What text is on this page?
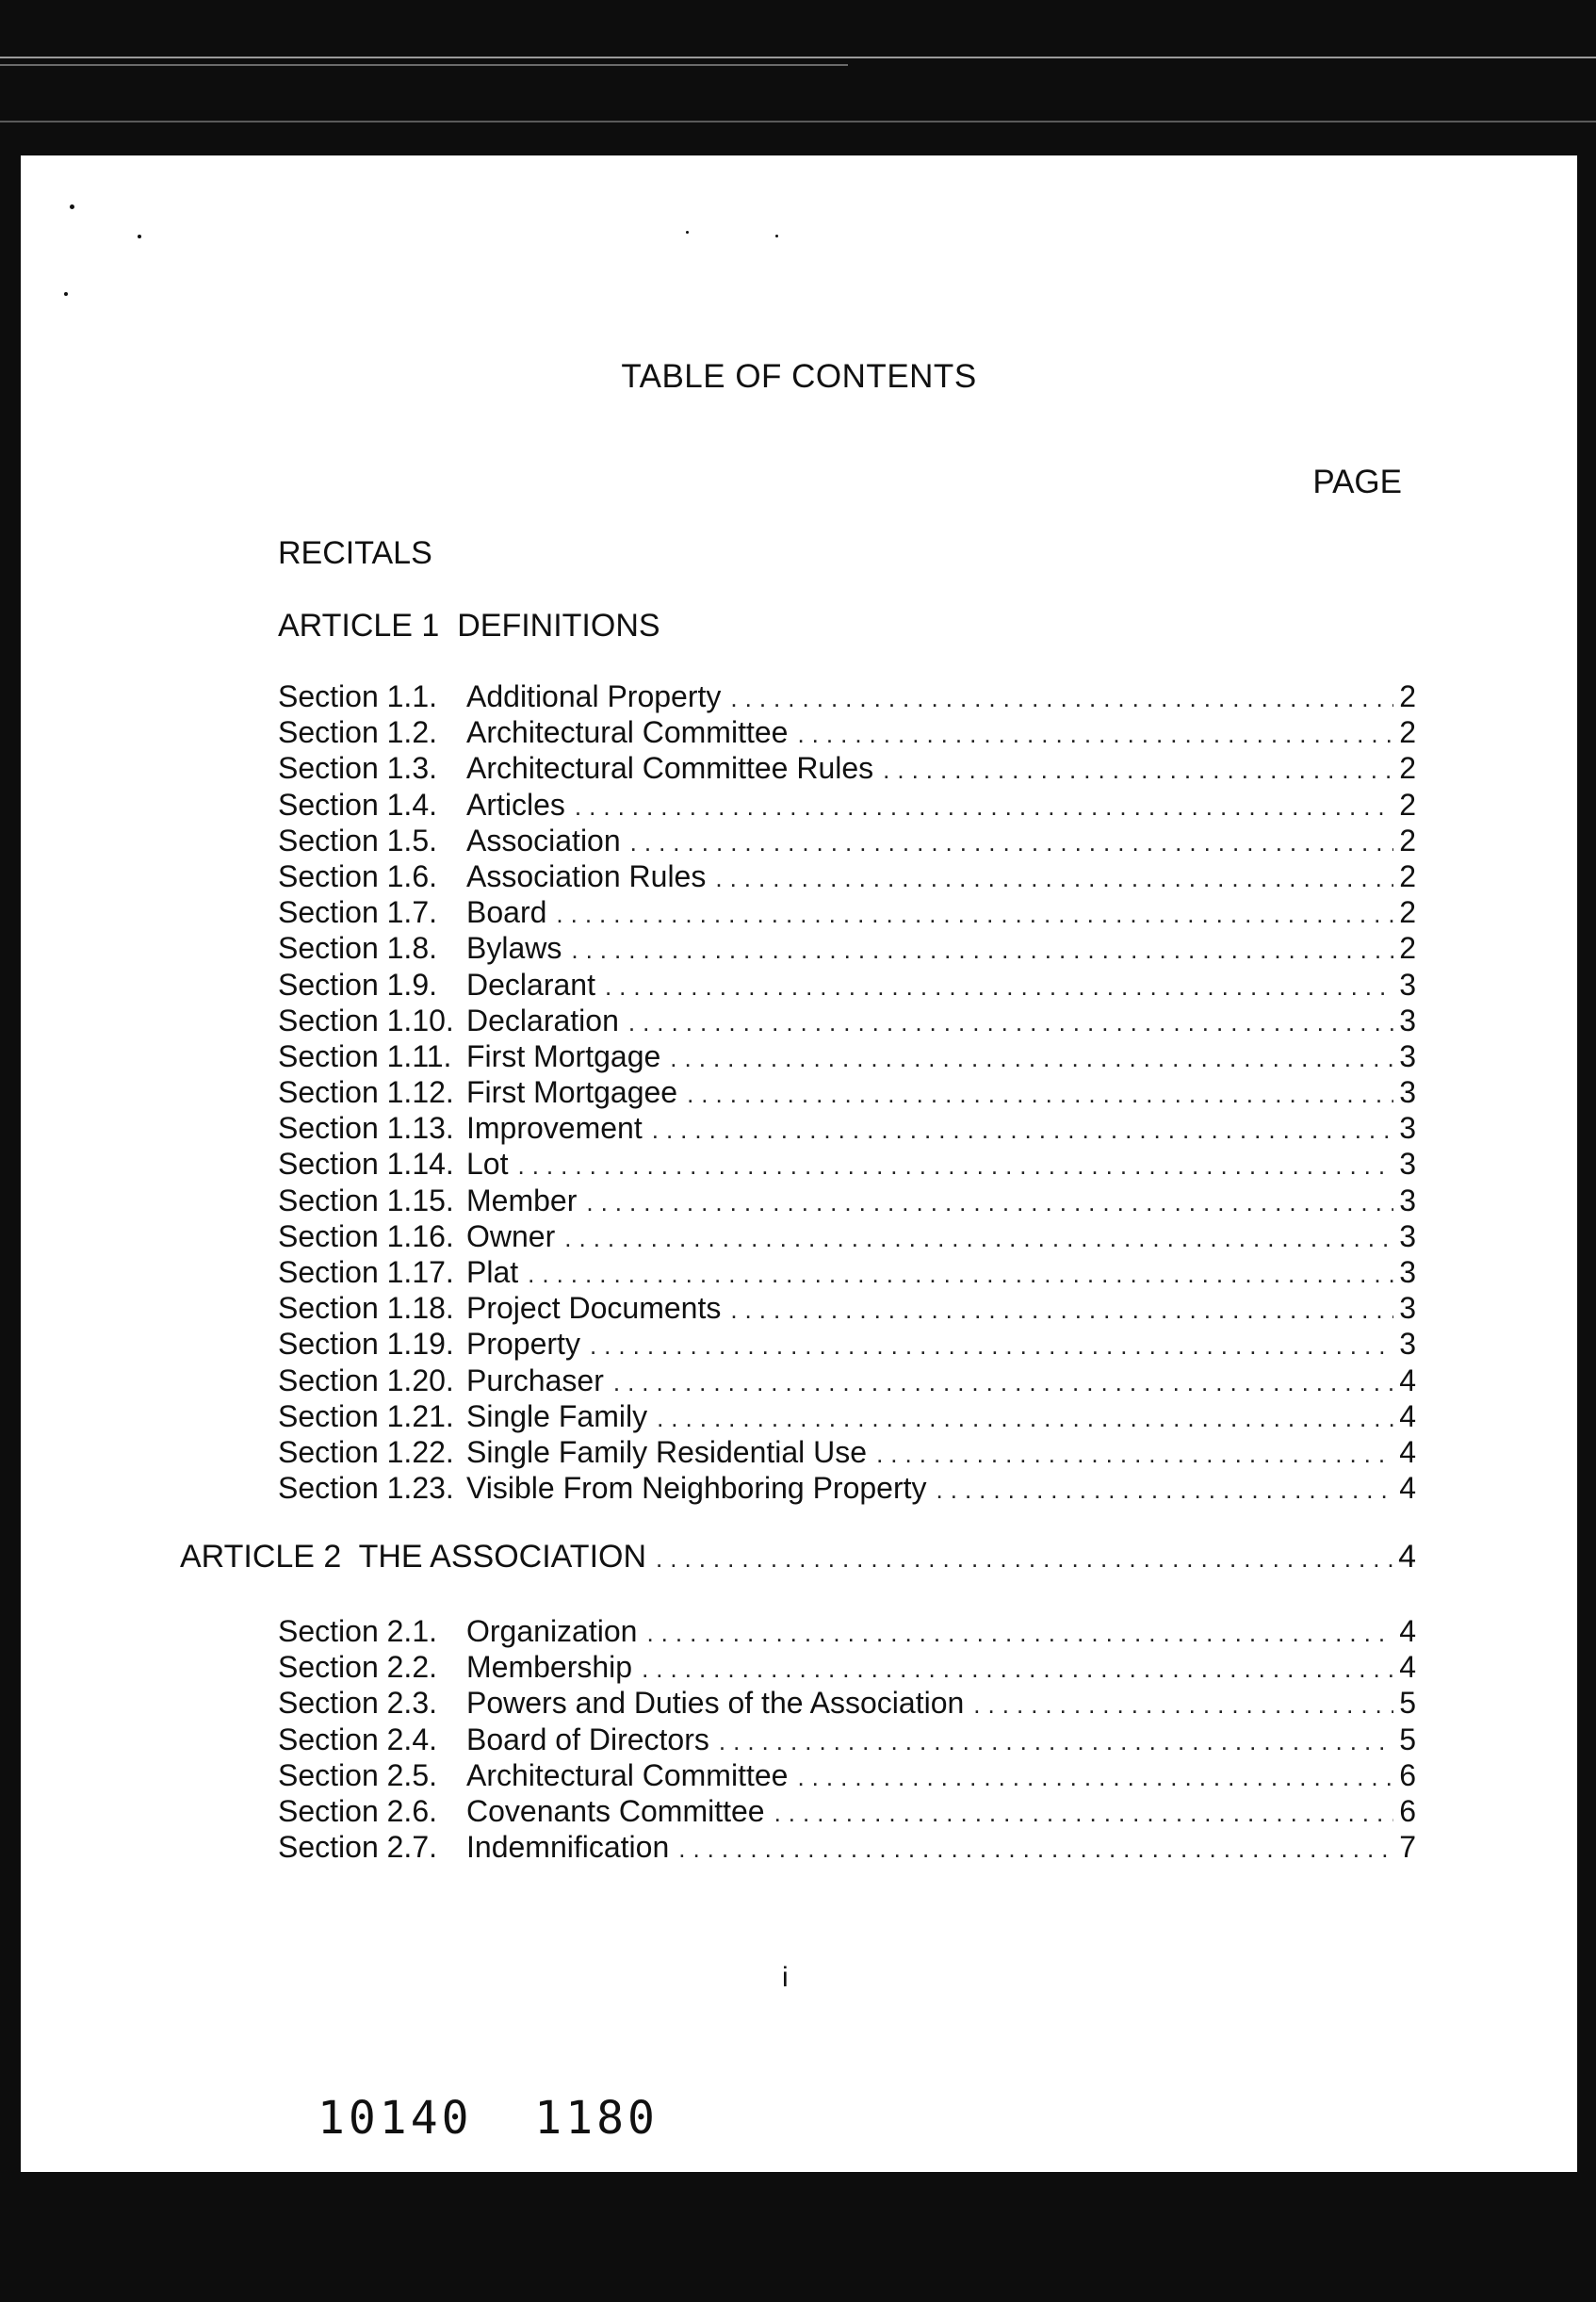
TABLE OF CONTENTS
PAGE
RECITALS
ARTICLE 1  DEFINITIONS
Section 1.1. Additional Property .....	2
Section 1.2. Architectural Committee .....	2
Section 1.3. Architectural Committee Rules .....	2
Section 1.4. Articles .....	2
Section 1.5. Association .....	2
Section 1.6. Association Rules .....	2
Section 1.7. Board .....	2
Section 1.8. Bylaws .....	2
Section 1.9. Declarant .....	3
Section 1.10. Declaration .....	3
Section 1.11. First Mortgage .....	3
Section 1.12. First Mortgagee .....	3
Section 1.13. Improvement .....	3
Section 1.14. Lot .....	3
Section 1.15. Member .....	3
Section 1.16. Owner .....	3
Section 1.17. Plat .....	3
Section 1.18. Project Documents .....	3
Section 1.19. Property .....	3
Section 1.20. Purchaser .....	4
Section 1.21. Single Family .....	4
Section 1.22. Single Family Residential Use .....	4
Section 1.23. Visible From Neighboring Property .....	4
ARTICLE 2  THE ASSOCIATION .....	4
Section 2.1. Organization .....	4
Section 2.2. Membership .....	4
Section 2.3. Powers and Duties of the Association .....	5
Section 2.4. Board of Directors .....	5
Section 2.5. Architectural Committee .....	6
Section 2.6. Covenants Committee .....	6
Section 2.7. Indemnification .....	7
i
10140  1180
